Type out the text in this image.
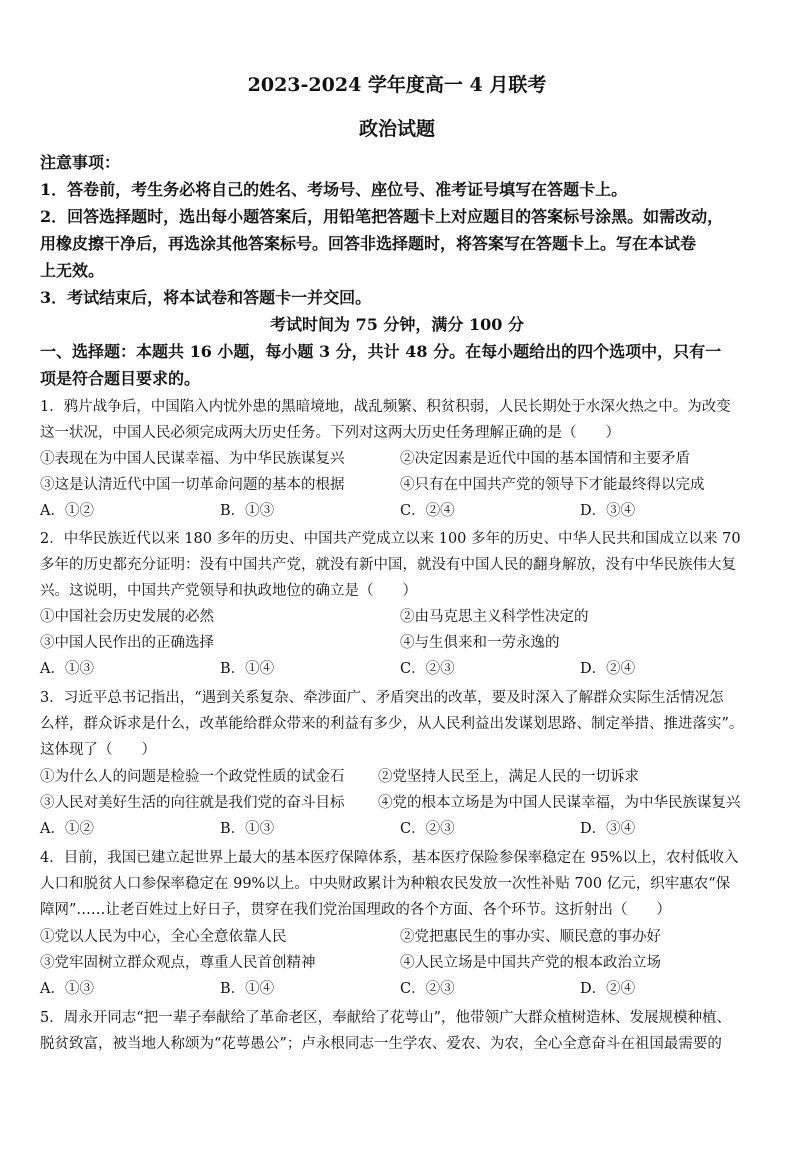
2023-2024 学年度高一 4 月联考
政治试题
注意事项：
1．答卷前，考生务必将自己的姓名、考场号、座位号、准考证号填写在答题卡上。
2．回答选择题时，选出每小题答案后，用铅笔把答题卡上对应题目的答案标号涂黑。如需改动，
用橡皮擦干净后，再选涂其他答案标号。回答非选择题时，将答案写在答题卡上。写在本试卷
上无效。
3．考试结束后，将本试卷和答题卡一并交回。
考试时间为 75 分钟，满分 100 分
一、选择题：本题共 16 小题，每小题 3 分，共计 48 分。在每小题给出的四个选项中，只有一
项是符合题目要求的。
1．鸦片战争后，中国陷入内忧外患的黑暗境地，战乱频繁、积贫积弱，人民长期处于水深火热之中。为改变
这一状况，中国人民必须完成两大历史任务。下列对这两大历史任务理解正确的是（　　）
①表现在为中国人民谋幸福、为中华民族谋复兴	②决定因素是近代中国的基本国情和主要矛盾
③这是认清近代中国一切革命问题的基本的根据	④只有在中国共产党的领导下才能最终得以完成
A．①②	B．①③	C．②④	D．③④
2．中华民族近代以来 180 多年的历史、中国共产党成立以来 100 多年的历史、中华人民共和国成立以来 70
多年的历史都充分证明：没有中国共产党，就没有新中国，就没有中国人民的翻身解放，没有中华民族伟大复
兴。这说明，中国共产党领导和执政地位的确立是（　　）
①中国社会历史发展的必然	②由马克思主义科学性决定的
③中国人民作出的正确选择	④与生俱来和一劳永逸的
A．①③	B．①④	C．②③	D．②④
3．习近平总书记指出，“遇到关系复杂、牵涉面广、矛盾突出的改革，要及时深入了解群众实际生活情况怎
么样，群众诉求是什么，改革能给群众带来的利益有多少，从人民利益出发谋划思路、制定举措、推进落实”。
这体现了（　　）
①为什么人的问题是检验一个政党性质的试金石 ②党坚持人民至上，满足人民的一切诉求
③人民对美好生活的向往就是我们党的奋斗目标 ④党的根本立场是为中国人民谋幸福，为中华民族谋复兴
A．①②	B．①③	C．②③	D．③④
4．目前，我国已建立起世界上最大的基本医疗保障体系，基本医疗保险参保率稳定在 95%以上，农村低收入
人口和脱贫人口参保率稳定在 99%以上。中央财政累计为种粮农民发放一次性补贴 700 亿元，织牢惠农“保
障网”……让老百姓过上好日子，贯穿在我们党治国理政的各个方面、各个环节。这折射出（　　）
①党以人民为中心，全心全意依靠人民	②党把惠民生的事办实、顺民意的事办好
③党牢固树立群众观点，尊重人民首创精神	④人民立场是中国共产党的根本政治立场
A．①③	B．①④	C．②③	D．②④
5．周永开同志“把一辈子奉献给了革命老区，奉献给了花萼山”，他带领广大群众植树造林、发展规模种植、
脱贫致富，被当地人称颂为“花萼愚公”；卢永根同志一生学农、爱农、为农，全心全意奋斗在祖国最需要的
